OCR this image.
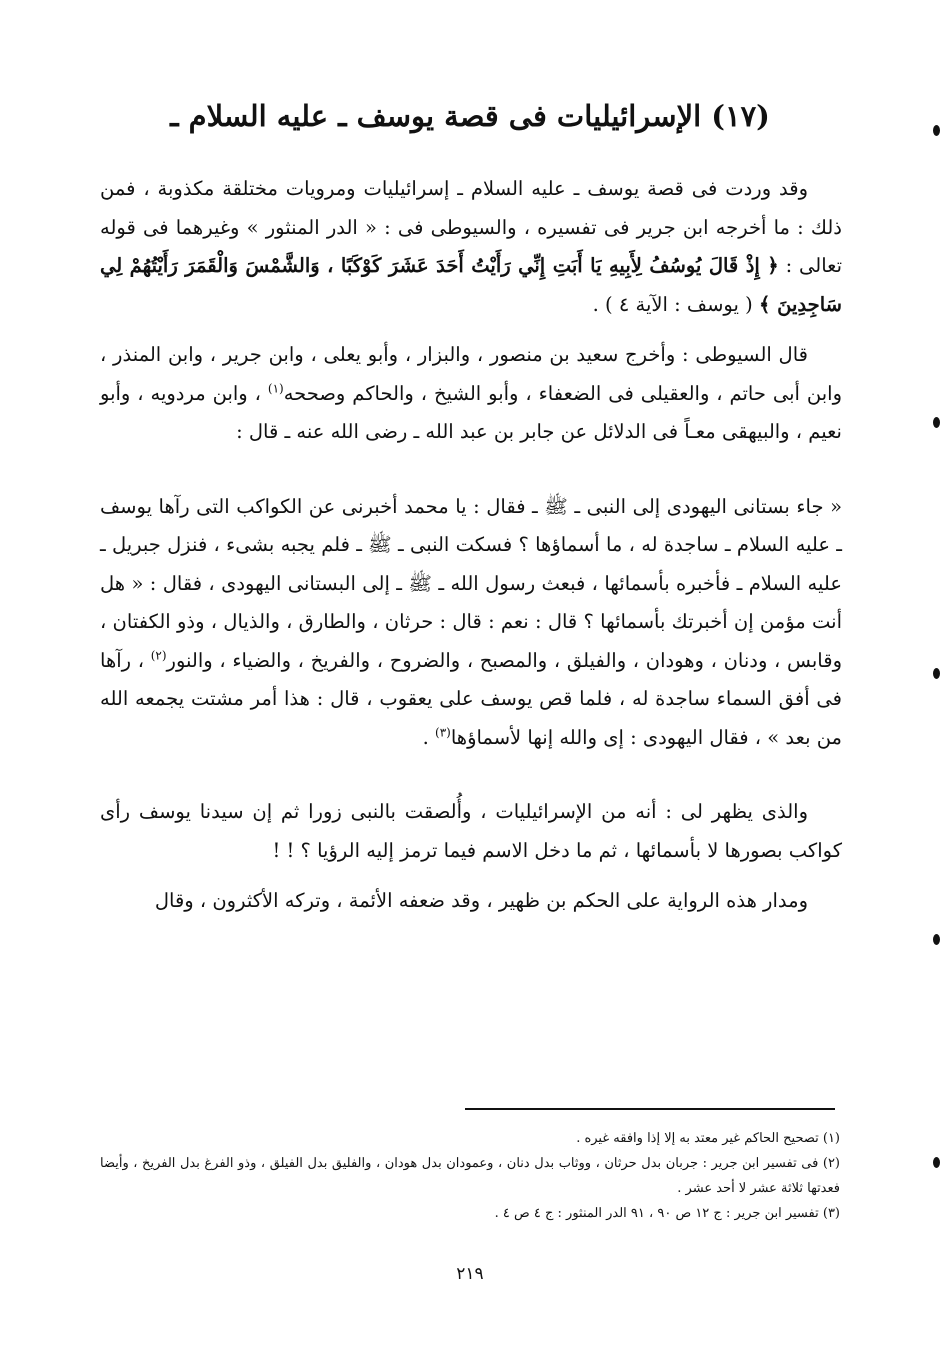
(١٧) الإسرائيليات فى قصة يوسف ـ عليه السلام ـ

وقد وردت فى قصة يوسف ـ عليه السلام ـ إسرائيليات ومرويات مختلقة مكذوبة ، فمن ذلك : ما أخرجه ابن جرير فى تفسيره ، والسيوطى فى : « الدر المنثور » وغيرهما فى قوله تعالى : ﴿ إِذْ قَالَ يُوسُفُ لِأَبِيهِ يَا أَبَتِ إِنِّي رَأَيْتُ أَحَدَ عَشَرَ كَوْكَبًا ، وَالشَّمْسَ وَالْقَمَرَ رَأَيْتُهُمْ لِي سَاجِدِينَ ﴾ ( يوسف : الآية ٤ ) .

قال السيوطى : وأخرج سعيد بن منصور ، والبزار ، وأبو يعلى ، وابن جرير ، وابن المنذر ، وابن أبى حاتم ، والعقيلى فى الضعفاء ، وأبو الشيخ ، والحاكم وصححه$^{(١)}$ ، وابن مردويه ، وأبو نعيم ، والبيهقى معـاً فى الدلائل عن جابر بن عبد الله ـ رضى الله عنه ـ قال :

« جاء بستانى اليهودى إلى النبى ـ ﷺ ـ فقال : يا محمد أخبرنى عن الكواكب التى رآها يوسف ـ عليه السلام ـ ساجدة له ، ما أسماؤها ؟ فسكت النبى ـ ﷺ ـ فلم يجبه بشىء ، فنزل جبريل ـ عليه السلام ـ فأخبره بأسمائها ، فبعث رسول الله ـ ﷺ ـ إلى البستانى اليهودى ، فقال : « هل أنت مؤمن إن أخبرتك بأسمائها ؟ قال : نعم : قال : حرثان ، والطارق ، والذيال ، وذو الكفتان ، وقابس ، ودنان ، وهودان ، والفيلق ، والمصبح ، والضروح ، والفريخ ، والضياء ، والنور$^{(٢)}$ ، رآها فى أفق السماء ساجدة له ، فلما قص يوسف على يعقوب ، قال : هذا أمر مشتت يجمعه الله من بعد » ، فقال اليهودى : إى والله إنها لأسماؤها$^{(٣)}$ .

والذى يظهر لى : أنه من الإسرائيليات ، وأُلصقت بالنبى زورا ثم إن سيدنا يوسف رأى كواكب بصورها لا بأسمائها ، ثم ما دخل الاسم فيما ترمز إليه الرؤيا ؟ ! !

ومدار هذه الرواية على الحكم بن ظهير ، وقد ضعفه الأئمة ، وتركه الأكثرون ، وقال

(١) تصحيح الحاكم غير معتد به إلا إذا وافقه غيره .

(٢) فى تفسير ابن جرير : جربان بدل حرثان ، ووثاب بدل دنان ، وعمودان بدل هودان ، والفليق بدل الفيلق ، وذو الفرغ بدل الفريخ ، وأيضا فعدتها ثلاثة عشر لا أحد عشر .

(٣) تفسير ابن جرير : ج ١٢ ص ٩٠ ، ٩١ الدر المنثور : ج ٤ ص ٤ .

٢١٩
